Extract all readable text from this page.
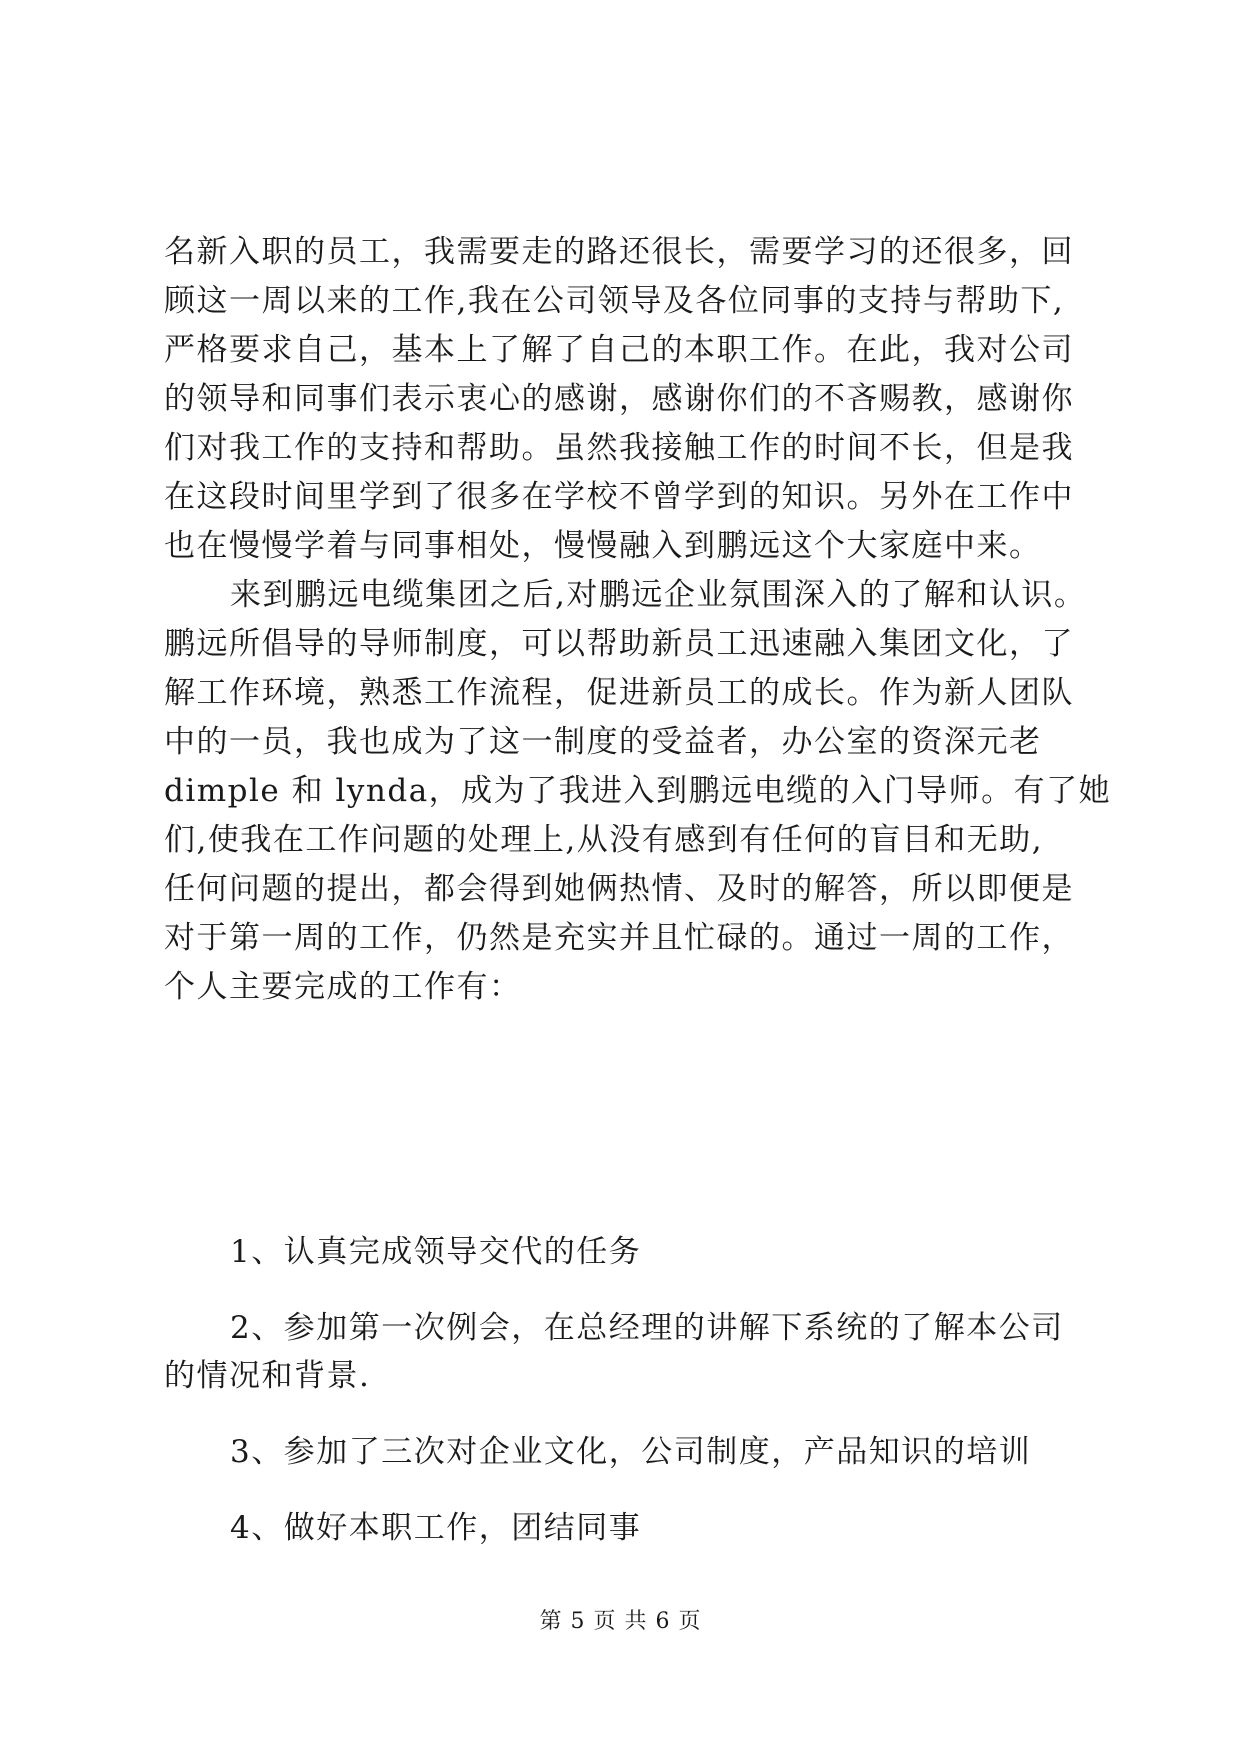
名新入职的员工，我需要走的路还很长，需要学习的还很多，回
顾这一周以来的工作,我在公司领导及各位同事的支持与帮助下,
严格要求自己，基本上了解了自己的本职工作。在此，我对公司
的领导和同事们表示衷心的感谢，感谢你们的不吝赐教，感谢你
们对我工作的支持和帮助。虽然我接触工作的时间不长，但是我
在这段时间里学到了很多在学校不曾学到的知识。另外在工作中
也在慢慢学着与同事相处，慢慢融入到鹏远这个大家庭中来。
来到鹏远电缆集团之后,对鹏远企业氛围深入的了解和认识。
鹏远所倡导的导师制度，可以帮助新员工迅速融入集团文化，了
解工作环境，熟悉工作流程，促进新员工的成长。作为新人团队
中的一员，我也成为了这一制度的受益者，办公室的资深元老
dimple 和 lynda，成为了我进入到鹏远电缆的入门导师。有了她
们,使我在工作问题的处理上,从没有感到有任何的盲目和无助,
任何问题的提出，都会得到她俩热情、及时的解答，所以即便是
对于第一周的工作，仍然是充实并且忙碌的。通过一周的工作，
个人主要完成的工作有：
1、认真完成领导交代的任务
2、参加第一次例会，在总经理的讲解下系统的了解本公司
的情况和背景.
3、参加了三次对企业文化，公司制度，产品知识的培训
4、做好本职工作，团结同事
第 5 页 共 6 页
